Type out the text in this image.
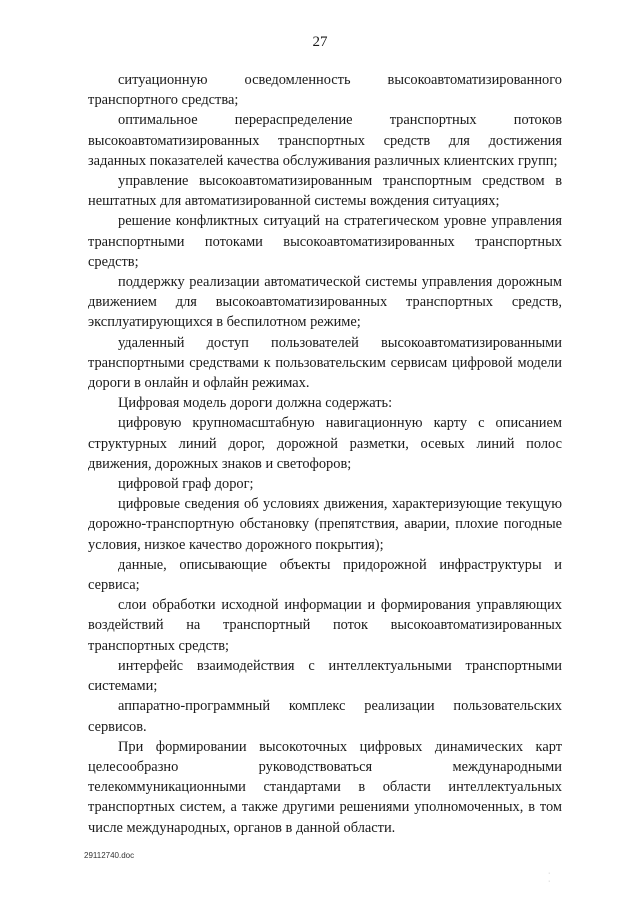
27

ситуационную осведомленность высокоавтоматизированного транспортного средства;

оптимальное перераспределение транспортных потоков высокоавтоматизированных транспортных средств для достижения заданных показателей качества обслуживания различных клиентских групп;

управление высокоавтоматизированным транспортным средством в нештатных для автоматизированной системы вождения ситуациях;

решение конфликтных ситуаций на стратегическом уровне управления транспортными потоками высокоавтоматизированных транспортных средств;

поддержку реализации автоматической системы управления дорожным движением для высокоавтоматизированных транспортных средств, эксплуатирующихся в беспилотном режиме;

удаленный доступ пользователей высокоавтоматизированными транспортными средствами к пользовательским сервисам цифровой модели дороги в онлайн и офлайн режимах.

Цифровая модель дороги должна содержать:

цифровую крупномасштабную навигационную карту с описанием структурных линий дорог, дорожной разметки, осевых линий полос движения, дорожных знаков и светофоров;

цифровой граф дорог;

цифровые сведения об условиях движения, характеризующие текущую дорожно-транспортную обстановку (препятствия, аварии, плохие погодные условия, низкое качество дорожного покрытия);

данные, описывающие объекты придорожной инфраструктуры и сервиса;

слои обработки исходной информации и формирования управляющих воздействий на транспортный поток высокоавтоматизированных транспортных средств;

интерфейс взаимодействия с интеллектуальными транспортными системами;

аппаратно-программный комплекс реализации пользовательских сервисов.

При формировании высокоточных цифровых динамических карт целесообразно руководствоваться международными телекоммуникационными стандартами в области интеллектуальных транспортных систем, а также другими решениями уполномоченных, в том числе международных, органов в данной области.

29112740.doc
·
·
